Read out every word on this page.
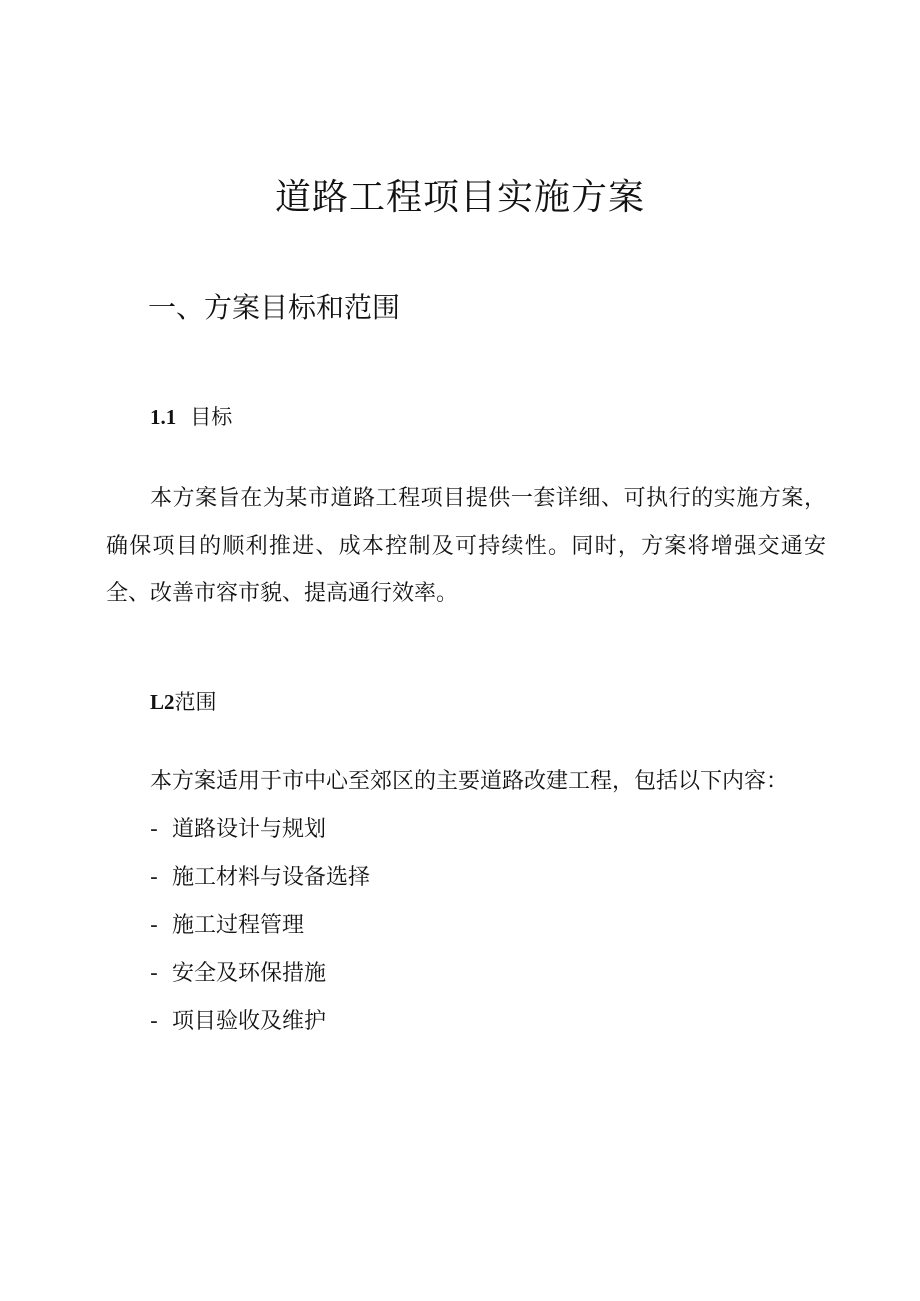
道路工程项目实施方案
一、方案目标和范围
1.1 目标
本方案旨在为某市道路工程项目提供一套详细、可执行的实施方案，确保项目的顺利推进、成本控制及可持续性。同时，方案将增强交通安全、改善市容市貌、提高通行效率。
L2范围
本方案适用于市中心至郊区的主要道路改建工程，包括以下内容：
- 道路设计与规划
- 施工材料与设备选择
- 施工过程管理
- 安全及环保措施
- 项目验收及维护
